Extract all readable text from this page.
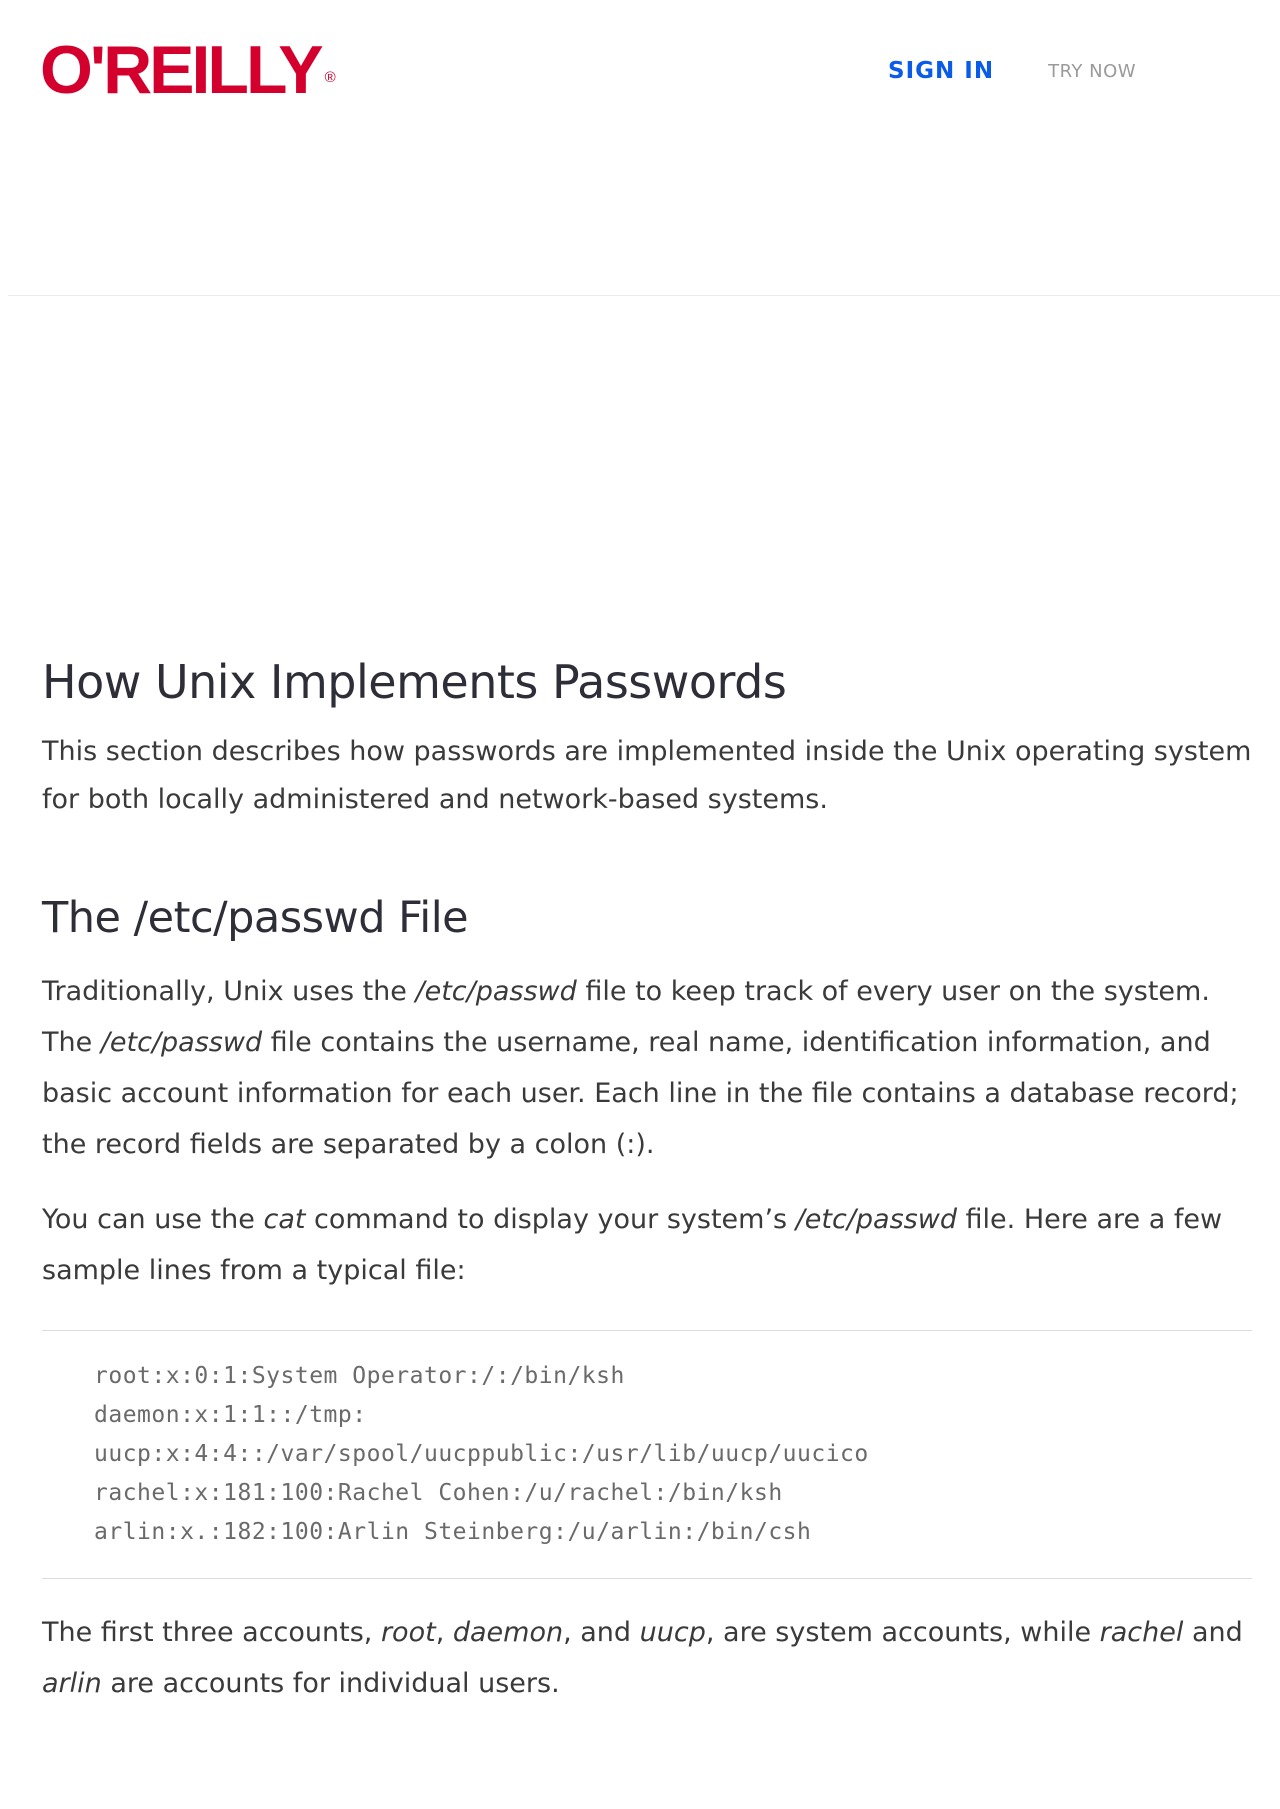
O'REILLY ®	SIGN IN	TRY NOW
How Unix Implements Passwords

This section describes how passwords are implemented inside the Unix operating system for both locally administered and network-based systems.

The /etc/passwd File

Traditionally, Unix uses the /etc/passwd file to keep track of every user on the system. The /etc/passwd file contains the username, real name, identification information, and basic account information for each user. Each line in the file contains a database record; the record fields are separated by a colon (:).

You can use the cat command to display your system’s /etc/passwd file. Here are a few sample lines from a typical file:

root:x:0:1:System Operator:/:/bin/ksh
daemon:x:1:1::/tmp:
uucp:x:4:4::/var/spool/uucppublic:/usr/lib/uucp/uucico
rachel:x:181:100:Rachel Cohen:/u/rachel:/bin/ksh
arlin:x.:182:100:Arlin Steinberg:/u/arlin:/bin/csh

The first three accounts, root, daemon, and uucp, are system accounts, while rachel and arlin are accounts for individual users.
